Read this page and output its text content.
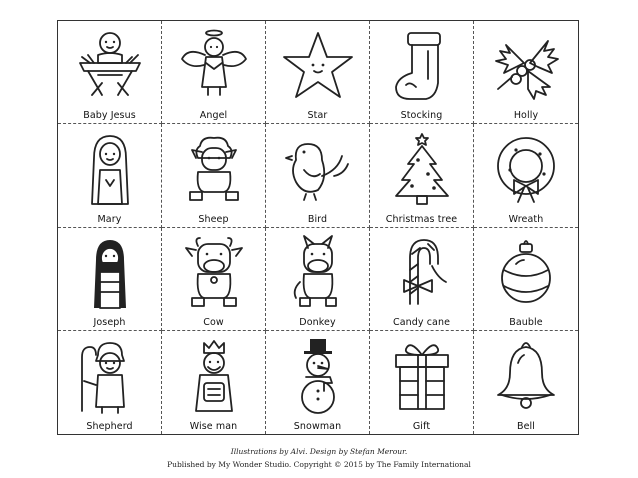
Baby Jesus	Angel	Star	Stocking	Holly
Mary	Sheep	Bird	Christmas tree	Wreath
Joseph	Cow	Donkey	Candy cane	Bauble
Shepherd	Wise man	Snowman	Gift	Bell
Illustrations by Alvi. Design by Stefan Merour.
Published by My Wonder Studio. Copyright © 2015 by The Family International
